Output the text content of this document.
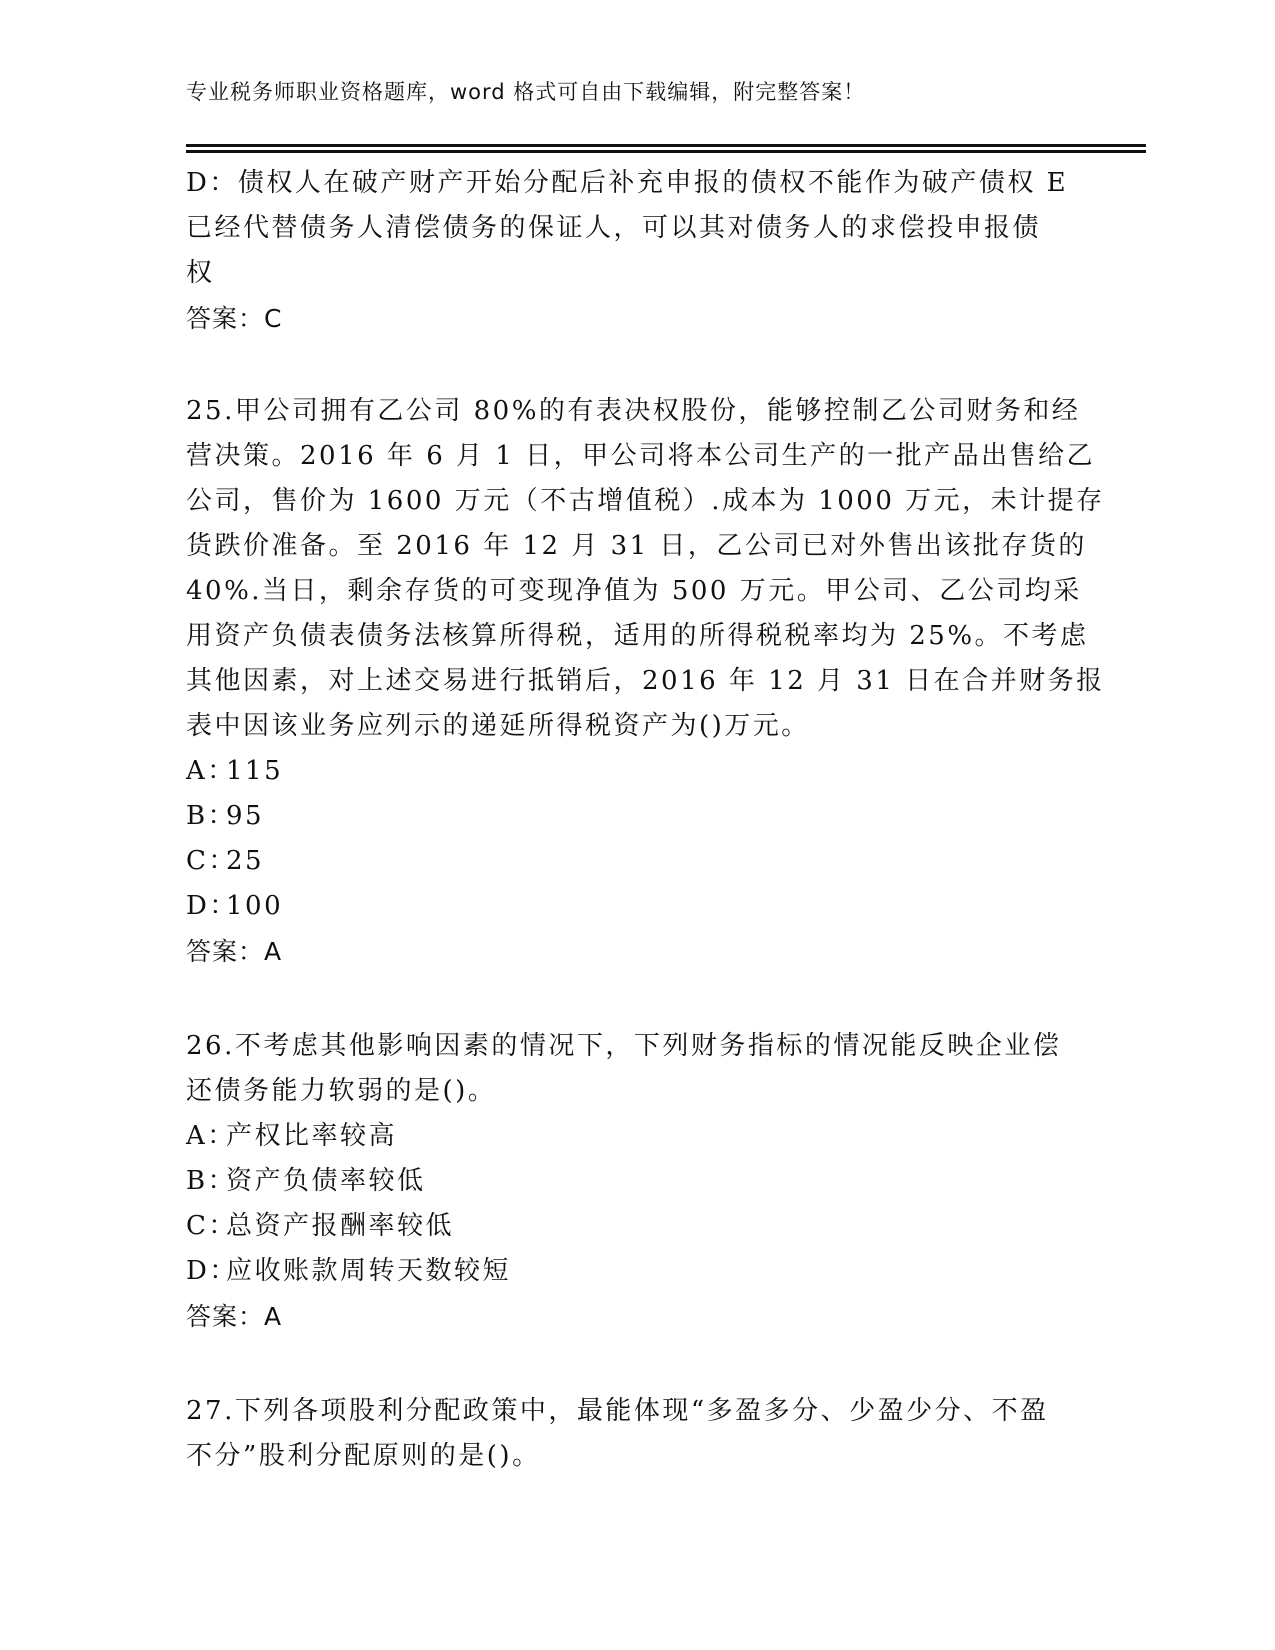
专业税务师职业资格题库，word 格式可自由下载编辑，附完整答案！
D：债权人在破产财产开始分配后补充申报的债权不能作为破产债权 E
已经代替债务人清偿债务的保证人，可以其对债务人的求偿投申报债
权
答案：C
25.甲公司拥有乙公司 80%的有表决权股份，能够控制乙公司财务和经
营决策。2016 年 6 月 1 日，甲公司将本公司生产的一批产品出售给乙
公司，售价为 1600 万元（不古增值税）.成本为 1000 万元，未计提存
货跌价准备。至 2016 年 12 月 31 日，乙公司已对外售出该批存货的
40%.当日，剩余存货的可变现净值为 500 万元。甲公司、乙公司均采
用资产负债表债务法核算所得税，适用的所得税税率均为 25%。不考虑
其他因素，对上述交易进行抵销后，2016 年 12 月 31 日在合并财务报
表中因该业务应列示的递延所得税资产为()万元。
A：115
B：95
C：25
D：100
答案：A
26.不考虑其他影响因素的情况下，下列财务指标的情况能反映企业偿
还债务能力软弱的是()。
A：产权比率较高
B：资产负债率较低
C：总资产报酬率较低
D：应收账款周转天数较短
答案：A
27.下列各项股利分配政策中，最能体现“多盈多分、少盈少分、不盈
不分”股利分配原则的是()。
